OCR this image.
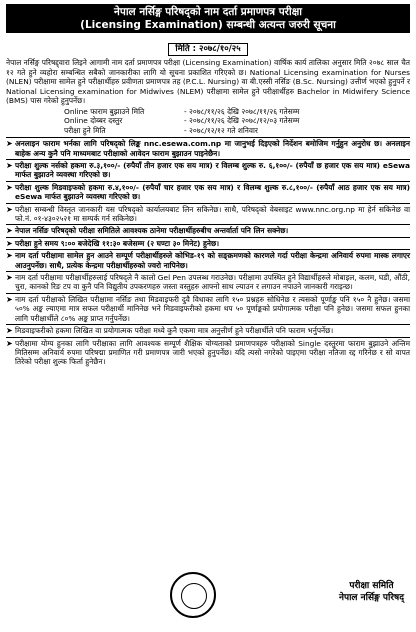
नेपाल नर्सिङ्ग परिषद्को नाम दर्ता प्रमाणपत्र परीक्षा
(Licensing Examination) सम्बन्धी अत्यन्त जरुरी सूचना
मिति : २०७८/१०/२५

नेपाल नर्सिङ्ग परिषद्द्वारा लिइने आगामी नाम दर्ता प्रमाणपत्र परीक्षा (Licensing Examination) वार्षिक कार्य तालिका अनुसार मिति २०७८ साल चैत १२ गते हुने व्यहोरा सम्बन्धित सबैको जानकारीका लागि यो सूचना प्रकाशित गरिएको छ। National Licensing examination for Nurses (NLEN) परीक्षामा सामेल हुने परीक्षार्थीहरु प्रवीणता प्रमाणपत्र तह (P.C.L. Nursing) वा बी.एस्सी नर्सिङ (B.Sc. Nursing) उत्तीर्ण भएको हुनुपर्ने र National Licensing examination for Midwives (NLEM) परीक्षामा सामेल हुने परीक्षार्थीहरु Bachelor in Midwifery Science (BMS) पास गरेको हुनुपर्नेछ।

Online फाराम बुझाउने मिति	- २०७८/११/२६ देखि २०७८/११/२६ गतेसम्म
Online दोब्बर दस्तुर	- २०७८/११/२६ देखि २०७८/१२/०३ गतेसम्म
परीक्षा हुने मिति	- २०७८/१२/१२ गते शनिवार
➤ अनलाइन फाराम भर्नका लागि परिषद्को लिङ्क nnc.esewa.com.np मा जानुभई दिइएको निर्देशन बमोजिम गर्नुहुन अनुरोध छ। अनलाइन बाहेक अन्य कुनै पनि माध्यमबाट परीक्षाको आवेदन फाराम बुझाउन पाइनेछैन।
➤ परीक्षा शुल्क नर्सको हकमा रु.३,१००/- (रुपैयाँ तीन हजार एक सय मात्र) र विलम्ब शुल्क रु. ६,१००/- (रुपैयाँ छ हजार एक सय मात्र) eSewa मार्फत बुझाउने व्यवस्था गरिएको छ।
➤ परीक्षा शुल्क मिडवाइफको हकमा रु.४,१००/- (रुपैयाँ चार हजार एक सय मात्र) र विलम्ब शुल्क रु.८,१००/- (रुपैयाँ आठ हजार एक सय मात्र) eSewa मार्फत बुझाउने व्यवस्था गरिएको छ।
➤ परीक्षा सम्बन्धी विस्तृत जानकारी यस परिषद्को कार्यालयबाट लिन सकिनेछ। साथै, परिषद्को वेबसाइट www.nnc.org.np मा हेर्न सकिनेछ वा फो.नं. ०१-४३०२५२१ मा सम्पर्क गर्न सकिनेछ।
➤ नेपाल नर्सिङ परिषद्को परीक्षा समितिले आवश्यक ठानेमा परीक्षार्थीहरुबीच अन्तर्वार्ता पनि लिन सक्नेछ।
➤ परीक्षा हुने समय ९:०० बजेदेखि ११:३० बजेसम्म (२ घण्टा ३० मिनेट) हुनेछ।
➤ नाम दर्ता परीक्षामा सामेल हुन आउने सम्पूर्ण परीक्षार्थीहरुले कोभिड-१९ को सङ्क्रमणको कारणले गर्दा परीक्षा केन्द्रमा अनिवार्य रुपमा मास्क लगाएर आउनुपर्नेछ। साथै, प्रत्येक केन्द्रमा परीक्षार्थीहरुको ज्वरो नापिनेछ।
➤ नाम दर्ता परीक्षामा परीक्षार्थीहरुलाई परिषद्ले नै कालो Gel Pen उपलब्ध गराउनेछ। परीक्षामा उपस्थित हुने विद्यार्थीहरुले मोबाइल, कलम, घडी, औंठी, चुरा, कानको रिङ टप वा कुनै पनि विद्युतीय उपकरणहरु जस्ता वस्तुहरु आफ्नो साथ ल्याउन र लगाउन नपाउने जानकारी गराइन्छ।
➤ नाम दर्ता परीक्षाको लिखित परीक्षामा नर्सिङ तथा मिडवाइफरी दुवै विधाका लागि १५० प्रश्नहरु सोधिनेछ र त्यसको पूर्णाङ्क पनि १५० नै हुनेछ। जसमा ५०% अङ्क ल्याएमा मात्र सफल परीक्षार्थी मानिनेछ भने मिडवाइफरीको हकमा थप ५० पूर्णाङ्कको प्रयोगात्मक परीक्षा पनि हुनेछ। जसमा सफल हुनका लागि परीक्षार्थीले ८०% अङ्क प्राप्त गर्नुपर्नेछ।
➤ मिडवाइफरीको हकमा लिखित वा प्रयोगात्मक परीक्षा मध्ये कुनै एकमा मात्र अनुत्तीर्ण हुने परीक्षार्थीले पनि फाराम भर्नुपर्नेछ।
➤ परीक्षामा योग्य हुनका लागि परीक्षाका लागि आवश्यक सम्पूर्ण शैक्षिक योग्यताको प्रमाणपत्रहरु परीक्षाको Single दस्तुरमा फाराम बुझाउने अन्तिम मितिसम्म अनिवार्य रुपमा परिषद्मा प्रमाणित गरी प्रमाणपत्र जारी भएको हुनुपर्नेछ। यदि त्यसो नगरेको पाइएमा परीक्षा नतिजा रद्द गरिनेछ र सो वापत तिरेको परीक्षा शुल्क फिर्ता हुनेछैन।
परीक्षा समिति
नेपाल नर्सिङ्ग परिषद्
